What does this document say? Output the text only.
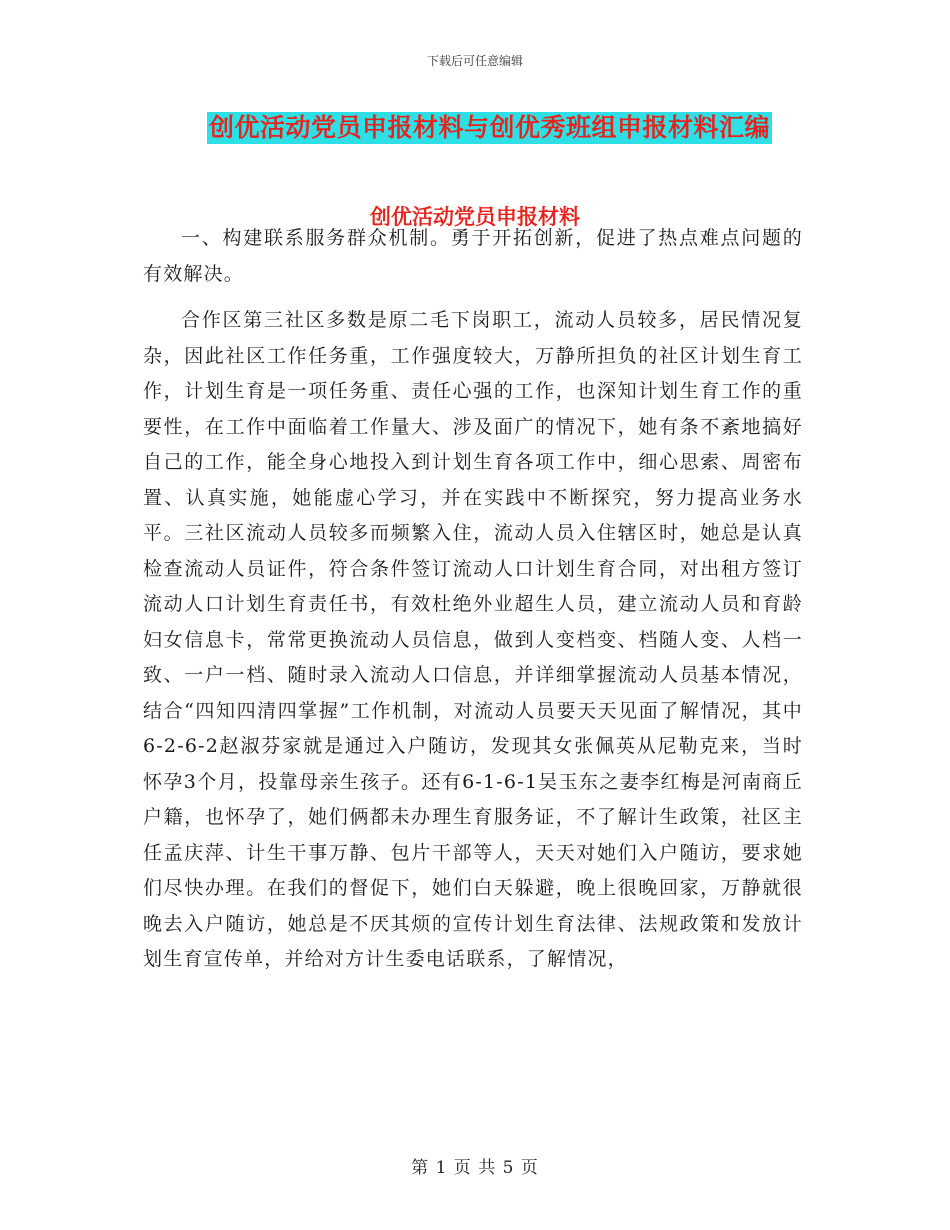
下载后可任意编辑
创优活动党员申报材料与创优秀班组申报材料汇编
创优活动党员申报材料

一、构建联系服务群众机制。勇于开拓创新，促进了热点难点问题的有效解决。

合作区第三社区多数是原二毛下岗职工，流动人员较多，居民情况复杂，因此社区工作任务重，工作强度较大，万静所担负的社区计划生育工作，计划生育是一项任务重、责任心强的工作，也深知计划生育工作的重要性，在工作中面临着工作量大、涉及面广的情况下，她有条不紊地搞好自己的工作，能全身心地投入到计划生育各项工作中，细心思索、周密布置、认真实施，她能虚心学习，并在实践中不断探究，努力提高业务水平。三社区流动人员较多而频繁入住，流动人员入住辖区时，她总是认真检查流动人员证件，符合条件签订流动人口计划生育合同，对出租方签订流动人口计划生育责任书，有效杜绝外业超生人员，建立流动人员和育龄妇女信息卡，常常更换流动人员信息，做到人变档变、档随人变、人档一致、一户一档、随时录入流动人口信息，并详细掌握流动人员基本情况，结合“四知四清四掌握”工作机制，对流动人员要天天见面了解情况，其中6-2-6-2赵淑芬家就是通过入户随访，发现其女张佩英从尼勒克来，当时怀孕3个月，投靠母亲生孩子。还有6-1-6-1吴玉东之妻李红梅是河南商丘户籍，也怀孕了，她们俩都未办理生育服务证，不了解计生政策，社区主任孟庆萍、计生干事万静、包片干部等人，天天对她们入户随访，要求她们尽快办理。在我们的督促下，她们白天躲避，晚上很晚回家，万静就很晚去入户随访，她总是不厌其烦的宣传计划生育法律、法规政策和发放计划生育宣传单，并给对方计生委电话联系，了解情况，

第 1 页 共 5 页
